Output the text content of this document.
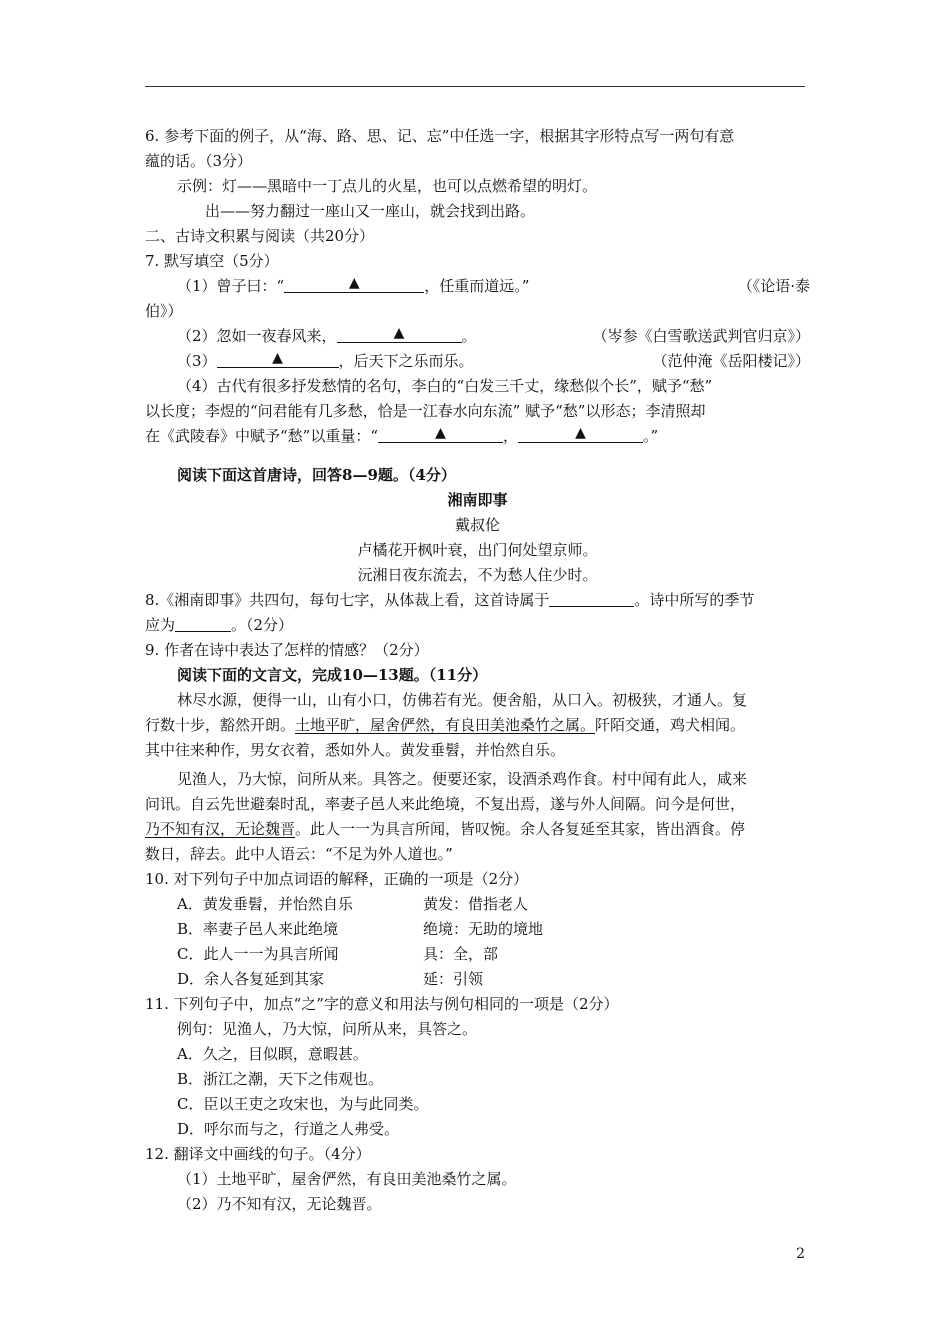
6. 参考下面的例子，从“海、路、思、记、忘”中任选一字，根据其字形特点写一两句有意
蕴的话。（3分）
示例：灯——黑暗中一丁点儿的火星，也可以点燃希望的明灯。
出——努力翻过一座山又一座山，就会找到出路。
二、古诗文积累与阅读（共20分）
7. 默写填空（5分）
（1）曾子曰：“	▲	，任重而道远。”	（《论语·泰
伯》）
（2）忽如一夜春风来，	▲	。	（岑参《白雪歌送武判官归京》）
（3）	▲	，后天下之乐而乐。	（范仲淹《岳阳楼记》）
（4）古代有很多抒发愁情的名句，李白的“白发三千丈，缘愁似个长”，赋予“愁”
以长度；李煜的“问君能有几多愁，恰是一江春水向东流” 赋予“愁”以形态；李清照却
在《武陵春》中赋予“愁”以重量：“	▲	，	▲	。”
阅读下面这首唐诗，回答8—9题。（4分）
湘南即事
戴叔伦
卢橘花开枫叶衰，出门何处望京师。
沅湘日夜东流去，不为愁人住少时。
8.《湘南即事》共四句，每句七字，从体裁上看，这首诗属于	。诗中所写的季节
应为	。（2分）
9. 作者在诗中表达了怎样的情感？（2分）
阅读下面的文言文，完成10—13题。（11分）
林尽水源，便得一山，山有小口，仿佛若有光。便舍船，从口入。初极狭，才通人。复
行数十步，豁然开朗。土地平旷，屋舍俨然，有良田美池桑竹之属。阡陌交通，鸡犬相闻。
其中往来种作，男女衣着，悉如外人。黄发垂髫，并怡然自乐。
见渔人，乃大惊，问所从来。具答之。便要还家，设酒杀鸡作食。村中闻有此人，咸来
问讯。自云先世避秦时乱，率妻子邑人来此绝境，不复出焉，遂与外人间隔。问今是何世，
乃不知有汉，无论魏晋。此人一一为具言所闻，皆叹惋。余人各复延至其家，皆出酒食。停
数日，辞去。此中人语云：“不足为外人道也。”
10. 对下列句子中加点词语的解释，正确的一项是（2分）
A．黄发垂髫，并怡然自乐	黄发：借指老人
B．率妻子邑人来此绝境	绝境：无助的境地
C．此人一一为具言所闻	具：全，部
D．余人各复延到其家	延：引领
11. 下列句子中，加点“之”字的意义和用法与例句相同的一项是（2分）
例句：见渔人，乃大惊，问所从来，具答之。
A．久之，目似瞑，意暇甚。
B．浙江之潮，天下之伟观也。
C．臣以王吏之攻宋也，为与此同类。
D．呼尔而与之，行道之人弗受。
12. 翻译文中画线的句子。（4分）
（1）土地平旷，屋舍俨然，有良田美池桑竹之属。
（2）乃不知有汉，无论魏晋。
2
